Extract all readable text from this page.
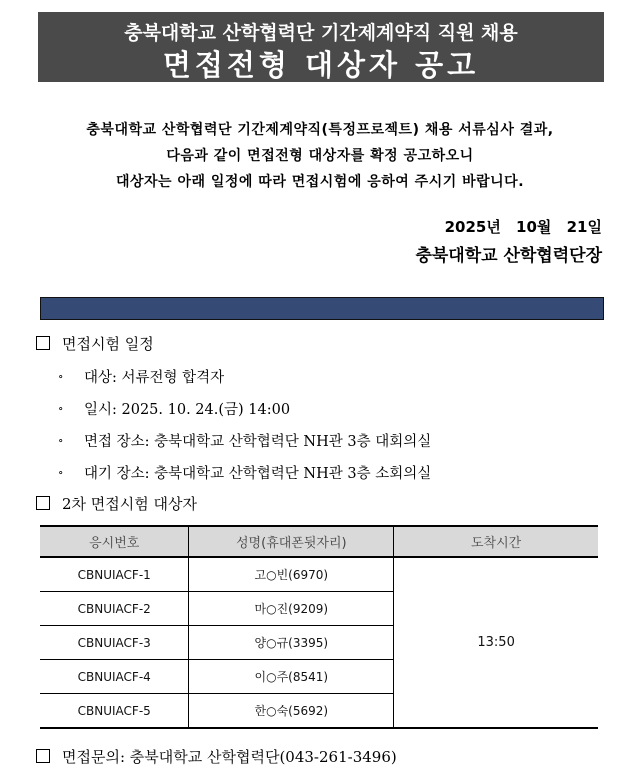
충북대학교 산학협력단 기간제계약직 직원 채용
면접전형 대상자 공고
충북대학교 산학협력단 기간제계약직(특정프로젝트) 채용 서류심사 결과,
다음과 같이 면접전형 대상자를 확정 공고하오니
대상자는 아래 일정에 따라 면접시험에 응하여 주시기 바랍니다.
2025년 10월 21일
충북대학교 산학협력단장
면접시험 일정
∘ 대상: 서류전형 합격자
∘ 일시: 2025. 10. 24.(금) 14:00
∘ 면접 장소: 충북대학교 산학협력단 NH관 3층 대회의실
∘ 대기 장소: 충북대학교 산학협력단 NH관 3층 소회의실
2차 면접시험 대상자
응시번호	성명(휴대폰뒷자리)	도착시간
CBNUIACF-1	고○빈(6970)	13:50
CBNUIACF-2	마○진(9209)	
CBNUIACF-3	양○규(3395)	
CBNUIACF-4	이○주(8541)	
CBNUIACF-5	한○숙(5692)	
면접문의: 충북대학교 산학협력단(043-261-3496)
